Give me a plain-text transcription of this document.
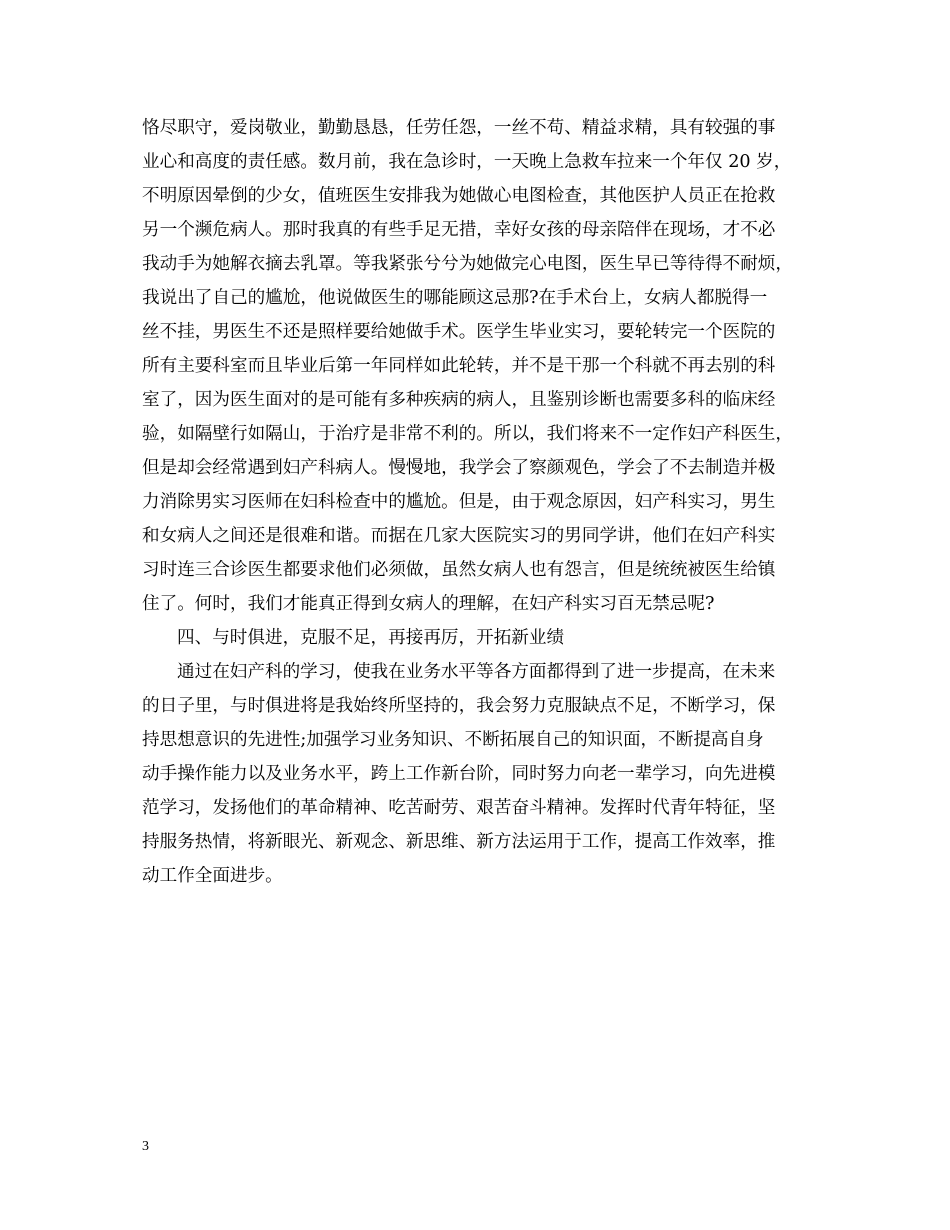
恪尽职守，爱岗敬业，勤勤恳恳，任劳任怨，一丝不苟、精益求精，具有较强的事
业心和高度的责任感。数月前，我在急诊时，一天晚上急救车拉来一个年仅 20 岁，
不明原因晕倒的少女，值班医生安排我为她做心电图检查，其他医护人员正在抢救
另一个濒危病人。那时我真的有些手足无措，幸好女孩的母亲陪伴在现场，才不必
我动手为她解衣摘去乳罩。等我紧张兮兮为她做完心电图，医生早已等待得不耐烦，
我说出了自己的尴尬，他说做医生的哪能顾这忌那?在手术台上，女病人都脱得一
丝不挂，男医生不还是照样要给她做手术。医学生毕业实习，要轮转完一个医院的
所有主要科室而且毕业后第一年同样如此轮转，并不是干那一个科就不再去别的科
室了，因为医生面对的是可能有多种疾病的病人，且鉴别诊断也需要多科的临床经
验，如隔壁行如隔山，于治疗是非常不利的。所以，我们将来不一定作妇产科医生，
但是却会经常遇到妇产科病人。慢慢地，我学会了察颜观色，学会了不去制造并极
力消除男实习医师在妇科检查中的尴尬。但是，由于观念原因，妇产科实习，男生
和女病人之间还是很难和谐。而据在几家大医院实习的男同学讲，他们在妇产科实
习时连三合诊医生都要求他们必须做，虽然女病人也有怨言，但是统统被医生给镇
住了。何时，我们才能真正得到女病人的理解，在妇产科实习百无禁忌呢?
四、与时俱进，克服不足，再接再厉，开拓新业绩
通过在妇产科的学习，使我在业务水平等各方面都得到了进一步提高，在未来
的日子里，与时俱进将是我始终所坚持的，我会努力克服缺点不足，不断学习，保
持思想意识的先进性;加强学习业务知识、不断拓展自己的知识面，不断提高自身
动手操作能力以及业务水平，跨上工作新台阶，同时努力向老一辈学习，向先进模
范学习，发扬他们的革命精神、吃苦耐劳、艰苦奋斗精神。发挥时代青年特征，坚
持服务热情，将新眼光、新观念、新思维、新方法运用于工作，提高工作效率，推
动工作全面进步。
3
